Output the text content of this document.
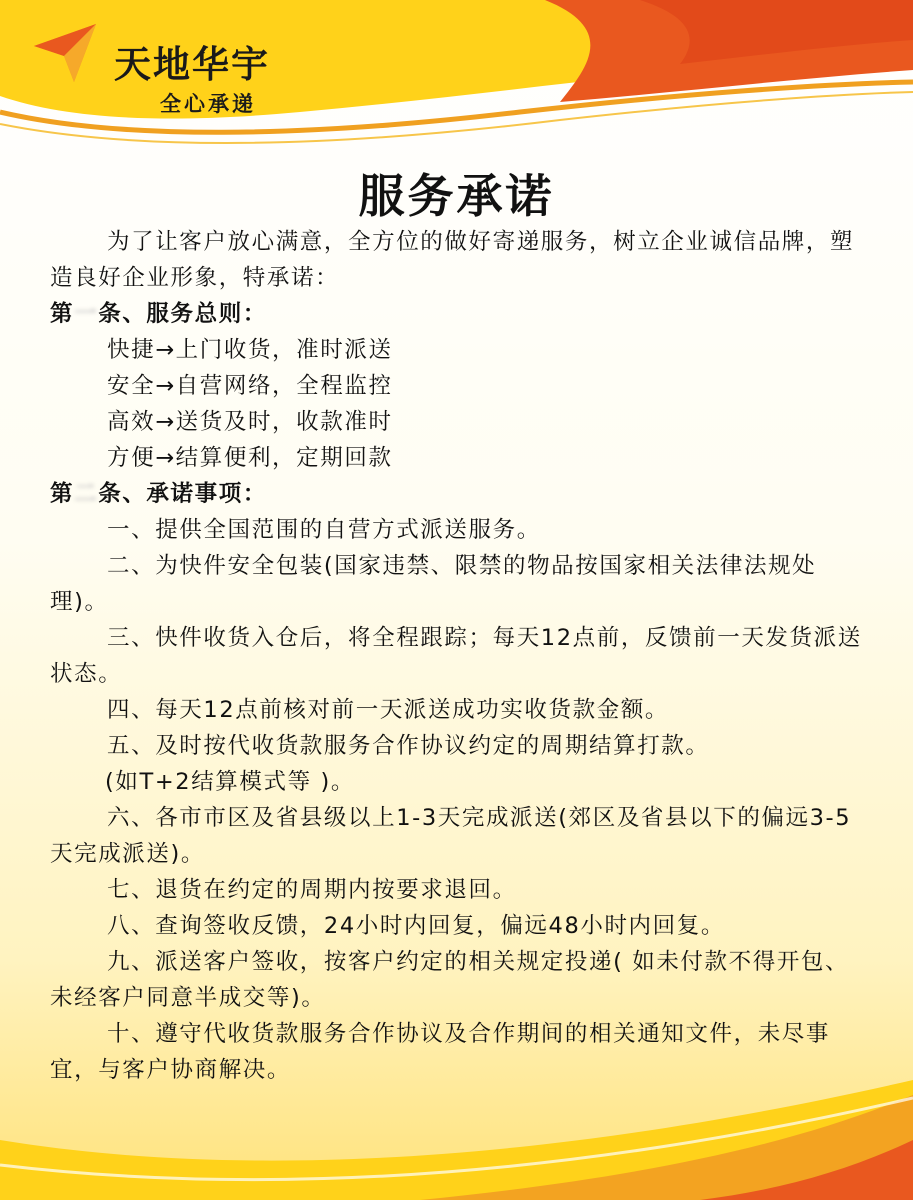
天地华宇
全心承递
服务承诺

为了让客户放心满意，全方位的做好寄递服务，树立企业诚信品牌，塑造良好企业形象，特承诺：

第一条、服务总则：

快捷→上门收货，准时派送

安全→自营网络，全程监控

高效→送货及时，收款准时

方便→结算便利，定期回款

第二条、承诺事项：

一、提供全国范围的自营方式派送服务。

二、为快件安全包装(国家违禁、限禁的物品按国家相关法律法规处理)。

三、快件收货入仓后，将全程跟踪；每天12点前，反馈前一天发货派送状态。

四、每天12点前核对前一天派送成功实收货款金额。

五、及时按代收货款服务合作协议约定的周期结算打款。

(如T+2结算模式等 )。

六、各市市区及省县级以上1-3天完成派送(郊区及省县以下的偏远3-5天完成派送)。

七、退货在约定的周期内按要求退回。

八、查询签收反馈，24小时内回复，偏远48小时内回复。

九、派送客户签收，按客户约定的相关规定投递( 如未付款不得开包、未经客户同意半成交等)。

十、遵守代收货款服务合作协议及合作期间的相关通知文件，未尽事宜，与客户协商解决。
